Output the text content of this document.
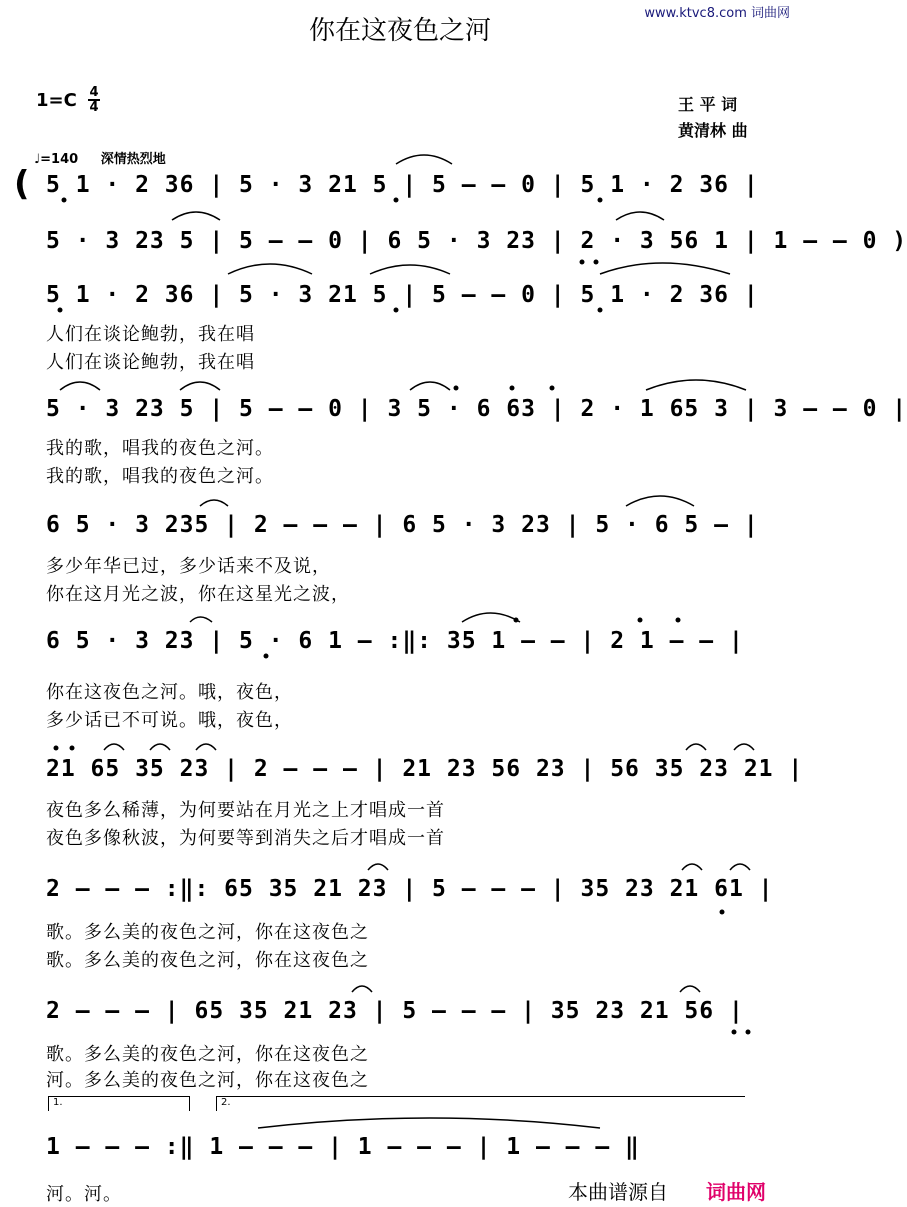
www.ktvc8.com 词曲网
你在这夜色之河
1=C 4
4	王 平 词
黄清林 曲
♩=140 深情热烈地
( 5 1 · 2 36 | 5 · 3 21 5 | 5 – – 0 | 5 1 · 2 36 |
5 · 3 23 5 | 5 – – 0 | 6 5 · 3 23 | 2 · 3 56 1 | 1 – – 0 )
5 1 · 2 36 | 5 · 3 21 5 | 5 – – 0 | 5 1 · 2 36 |
5 · 3 23 5 | 5 – – 0 | 3 5 · 6 63 | 2 · 1 65 3 | 3 – – 0 |
6 5 · 3 235 | 2 – – – | 6 5 · 3 23 | 5 · 6 5 – |
6 5 · 3 23 | 5 · 6 1 – :‖: 35 1 – – | 2 1 – – |
21 65 35 23 | 2 – – – | 21 23 56 23 | 56 35 23 21 |
2 – – – :‖: 65 35 21 23 | 5 – – – | 35 23 21 61 |
2 – – – | 65 35 21 23 | 5 – – – | 35 23 21 56 |
1 – – – :‖ 1 – – – | 1 – – – | 1 – – – ‖
人们在谈论鲍勃，我在唱
人们在谈论鲍勃，我在唱
我的歌，唱我的夜色之河。
我的歌，唱我的夜色之河。
多少年华已过，多少话来不及说，
你在这月光之波，你在这星光之波，
你在这夜色之河。哦，夜色，
多少话已不可说。哦，夜色，
夜色多么稀薄，为何要站在月光之上才唱成一首
夜色多像秋波，为何要等到消失之后才唱成一首
歌。多么美的夜色之河，你在这夜色之
歌。多么美的夜色之河，你在这夜色之
歌。多么美的夜色之河，你在这夜色之
河。多么美的夜色之河，你在这夜色之
河。河。
1.	2.
本曲谱源自 词曲网
